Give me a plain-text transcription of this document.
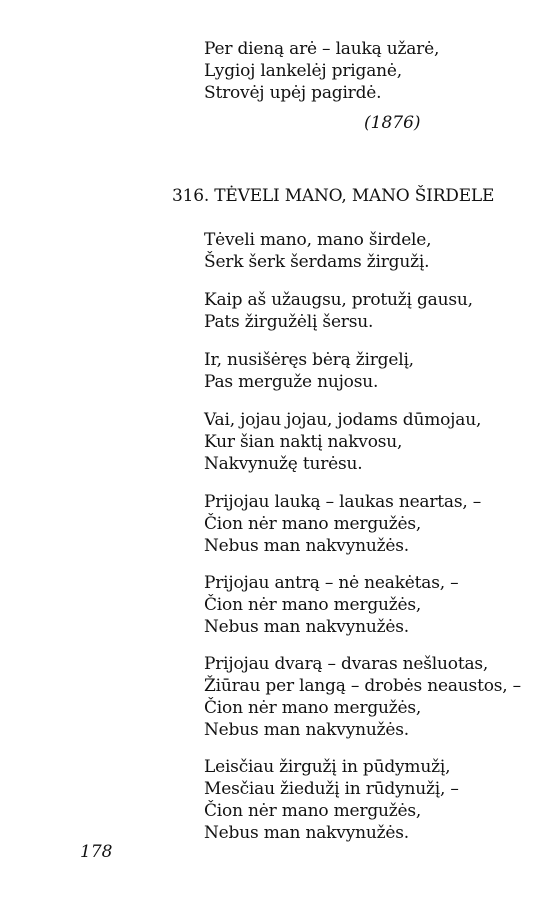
Per dieną arė – lauką užarė,
Lygioj lankelėj priganė,
Strovėj upėj pagirdė.
(1876)
316. TĖVELI MANO, MANO ŠIRDELE
Tėveli mano, mano širdele,
Šerk šerk šerdams žirgužį.
Kaip aš užaugsu, protužį gausu,
Pats žirgužėlį šersu.
Ir, nusišėręs bėrą žirgelį,
Pas merguže nujosu.
Vai, jojau jojau, jodams dūmojau,
Kur šian naktį nakvosu,
Nakvynužę turėsu.
Prijojau lauką – laukas neartas, –
Čion nėr mano mergužės,
Nebus man nakvynužės.
Prijojau antrą – nė neakėtas, –
Čion nėr mano mergužės,
Nebus man nakvynužės.
Prijojau dvarą – dvaras nešluotas,
Žiūrau per langą – drobės neaustos, –
Čion nėr mano mergužės,
Nebus man nakvynužės.
Leisčiau žirgužį in pūdymužį,
Mesčiau žiedužį in rūdynužį, –
Čion nėr mano mergužės,
Nebus man nakvynužės.
178
